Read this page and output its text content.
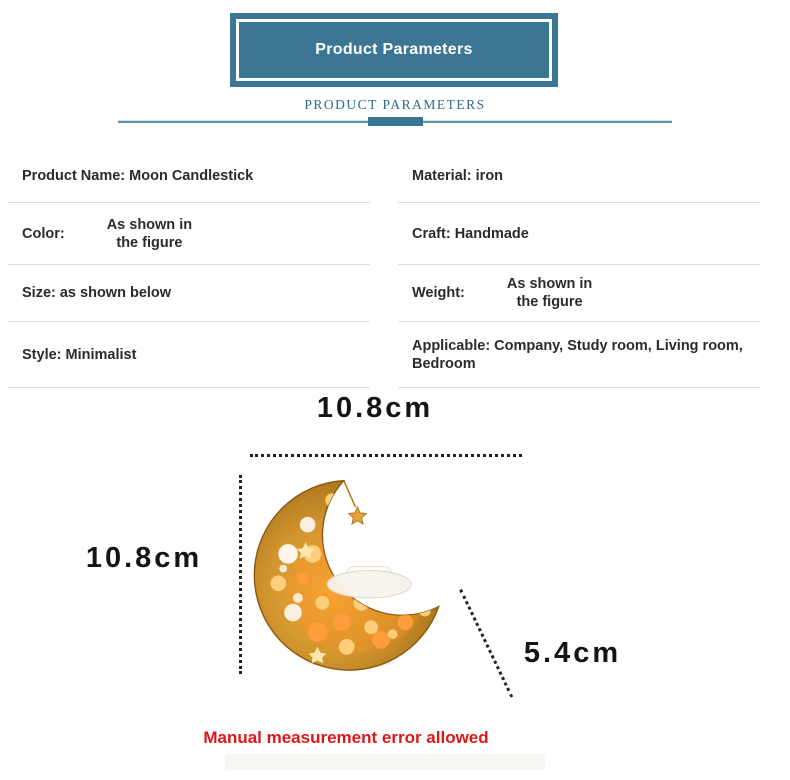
Product Parameters
PRODUCT PARAMETERS
Product Name: Moon Candlestick
Color:
As shown in
the figure
Size: as shown below
Style: Minimalist
Material: iron
Craft: Handmade
Weight:
As shown in
the figure
Applicable: Company, Study room, Living room, Bedroom
10.8cm
10.8cm
5.4cm
Manual measurement error allowed
